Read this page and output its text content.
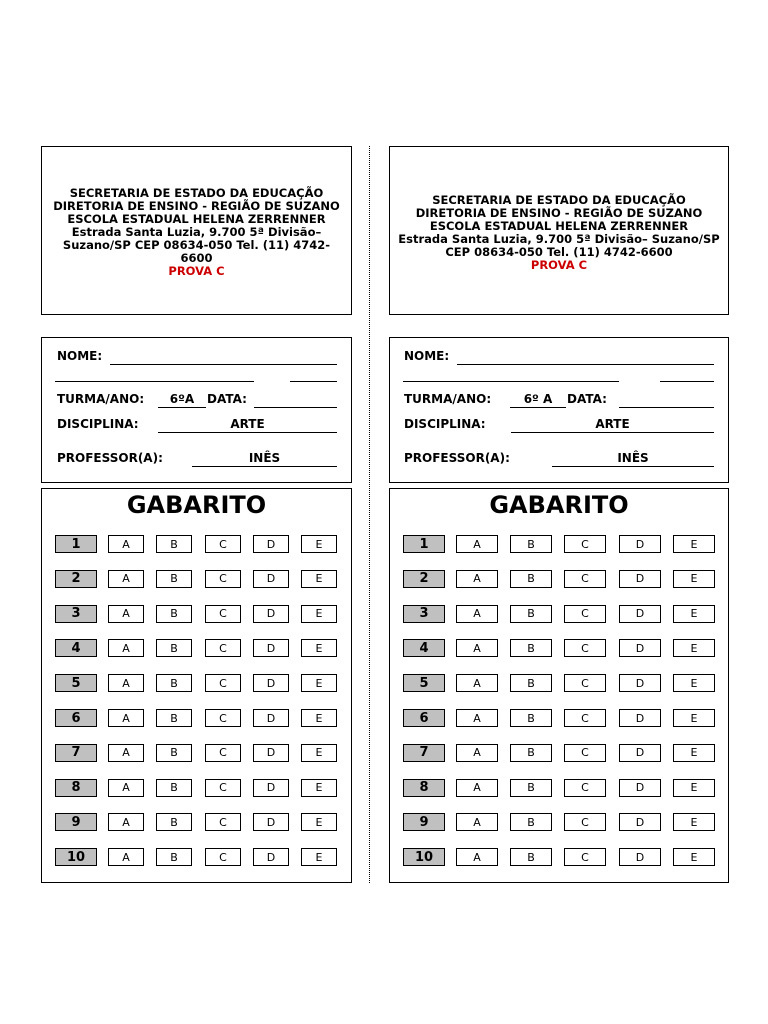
SECRETARIA DE ESTADO DA EDUCAÇÃO
DIRETORIA DE ENSINO - REGIÃO DE SUZANO
ESCOLA ESTADUAL HELENA ZERRENNER
Estrada Santa Luzia, 9.700 5ª Divisão–
Suzano/SP CEP 08634-050 Tel. (11) 4742-
6600
PROVA C
NOME:
TURMA/ANO:	6ºA	DATA:
DISCIPLINA:	ARTE
PROFESSOR(A):	INÊS
GABARITO
1	A	B	C	D	E
2	A	B	C	D	E
3	A	B	C	D	E
4	A	B	C	D	E
5	A	B	C	D	E
6	A	B	C	D	E
7	A	B	C	D	E
8	A	B	C	D	E
9	A	B	C	D	E
10	A	B	C	D	E
SECRETARIA DE ESTADO DA EDUCAÇÃO
DIRETORIA DE ENSINO - REGIÃO DE SUZANO
ESCOLA ESTADUAL HELENA ZERRENNER
Estrada Santa Luzia, 9.700 5ª Divisão– Suzano/SP
CEP 08634-050 Tel. (11) 4742-6600
PROVA C
NOME:
TURMA/ANO:	6º A	DATA:
DISCIPLINA:	ARTE
PROFESSOR(A):	INÊS
GABARITO
1	A	B	C	D	E
2	A	B	C	D	E
3	A	B	C	D	E
4	A	B	C	D	E
5	A	B	C	D	E
6	A	B	C	D	E
7	A	B	C	D	E
8	A	B	C	D	E
9	A	B	C	D	E
10	A	B	C	D	E
